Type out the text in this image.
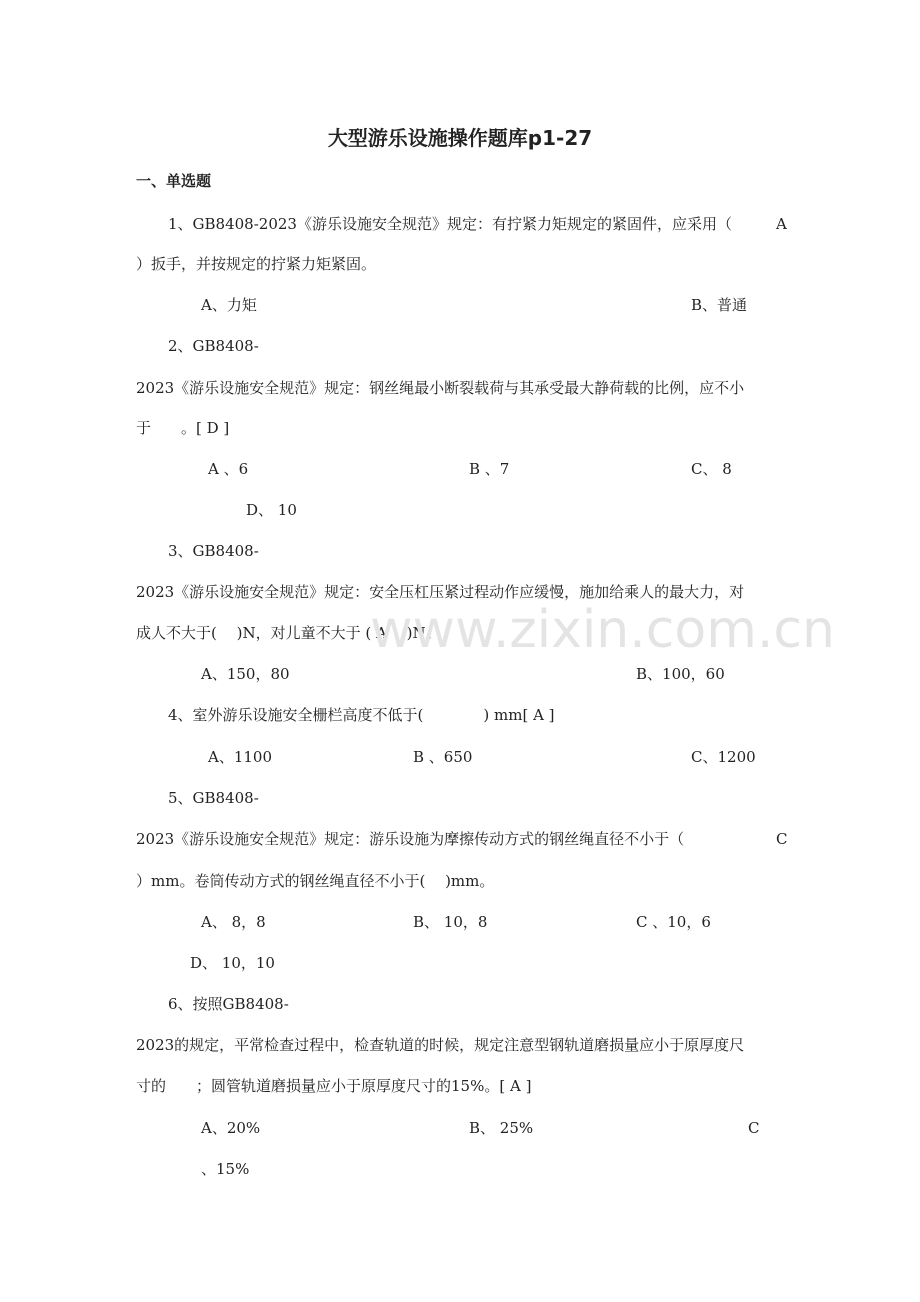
大型游乐设施操作题库p1-27
一、单选题
1、GB8408-2023《游乐设施安全规范》规定：有拧紧力矩规定的紧固件，应采用（	A
）扳手，并按规定的拧紧力矩紧固。
A、力矩	B、普通
2、GB8408-
2023《游乐设施安全规范》规定：钢丝绳最小断裂载荷与其承受最大静荷载的比例，应不小
于　　。[ D ]
A 、6	B 、7	C、 8
D、 10
3、GB8408-
2023《游乐设施安全规范》规定：安全压杠压紧过程动作应缓慢，施加给乘人的最大力，对
成人不大于(　 )N，对儿童不大于 ( A 　)N。
A、150，80	B、100，60
4、室外游乐设施安全栅栏高度不低于(　　　　) mm[ A ]
A、1100	B 、650	C、1200
5、GB8408-
2023《游乐设施安全规范》规定：游乐设施为摩擦传动方式的钢丝绳直径不小于（	C
）mm。卷筒传动方式的钢丝绳直径不小于(　 )mm。
A、 8，8	B、 10，8	C 、10，6
D、 10，10
6、按照GB8408-
2023的规定，平常检查过程中，检查轨道的时候，规定注意型钢轨道磨损量应小于原厚度尺
寸的　　；圆管轨道磨损量应小于原厚度尺寸的15%。[ A ]
A、20%	B、 25%	C
、15%
www.zixin.com.cn
